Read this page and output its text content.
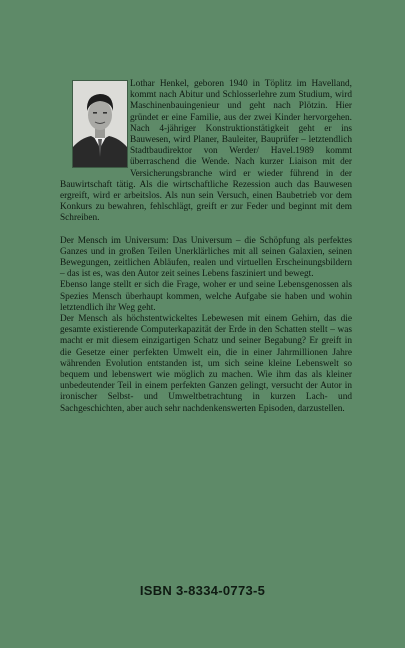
Lothar Henkel, geboren 1940 in Töplitz im Havelland, kommt nach Abitur und Schlosserlehre zum Studium, wird Maschinenbauingenieur und geht nach Plötzin. Hier gründet er eine Familie, aus der zwei Kinder hervorgehen. Nach 4-jähriger Konstruktionstätigkeit geht er ins Bauwesen, wird Planer, Bauleiter, Bauprüfer – letztendlich Stadtbaudirektor von Werder/ Havel.1989 kommt überraschend die Wende. Nach kurzer Liaison mit der Versicherungsbranche wird er wieder führend in der Bauwirtschaft tätig. Als die wirtschaftliche Rezession auch das Bauwesen ergreift, wird er arbeitslos. Als nun sein Versuch, einen Baubetrieb vor dem Konkurs zu bewahren, fehlschlägt, greift er zur Feder und beginnt mit dem Schreiben.

Der Mensch im Universum: Das Universum – die Schöpfung als perfektes Ganzes und in großen Teilen Unerklärliches mit all seinen Galaxien, seinen Bewegungen, zeitlichen Abläufen, realen und virtuellen Erscheinungsbildern – das ist es, was den Autor zeit seines Lebens fasziniert und bewegt.

Ebenso lange stellt er sich die Frage, woher er und seine Lebensgenossen als Spezies Mensch überhaupt kommen, welche Aufgabe sie haben und wohin letztendlich ihr Weg geht.

Der Mensch als höchstentwickeltes Lebewesen mit einem Gehirn, das die gesamte existierende Computerkapazität der Erde in den Schatten stellt – was macht er mit diesem einzigartigen Schatz und seiner Begabung? Er greift in die Gesetze einer perfekten Umwelt ein, die in einer Jahrmillionen Jahre währenden Evolution entstanden ist, um sich seine kleine Lebenswelt so bequem und lebenswert wie möglich zu machen. Wie ihm das als kleiner unbedeutender Teil in einem perfekten Ganzen gelingt, versucht der Autor in ironischer Selbst- und Umweltbetrachtung in kurzen Lach- und Sachgeschichten, aber auch sehr nachdenkenswerten Episoden, darzustellen.

ISBN 3-8334-0773-5
